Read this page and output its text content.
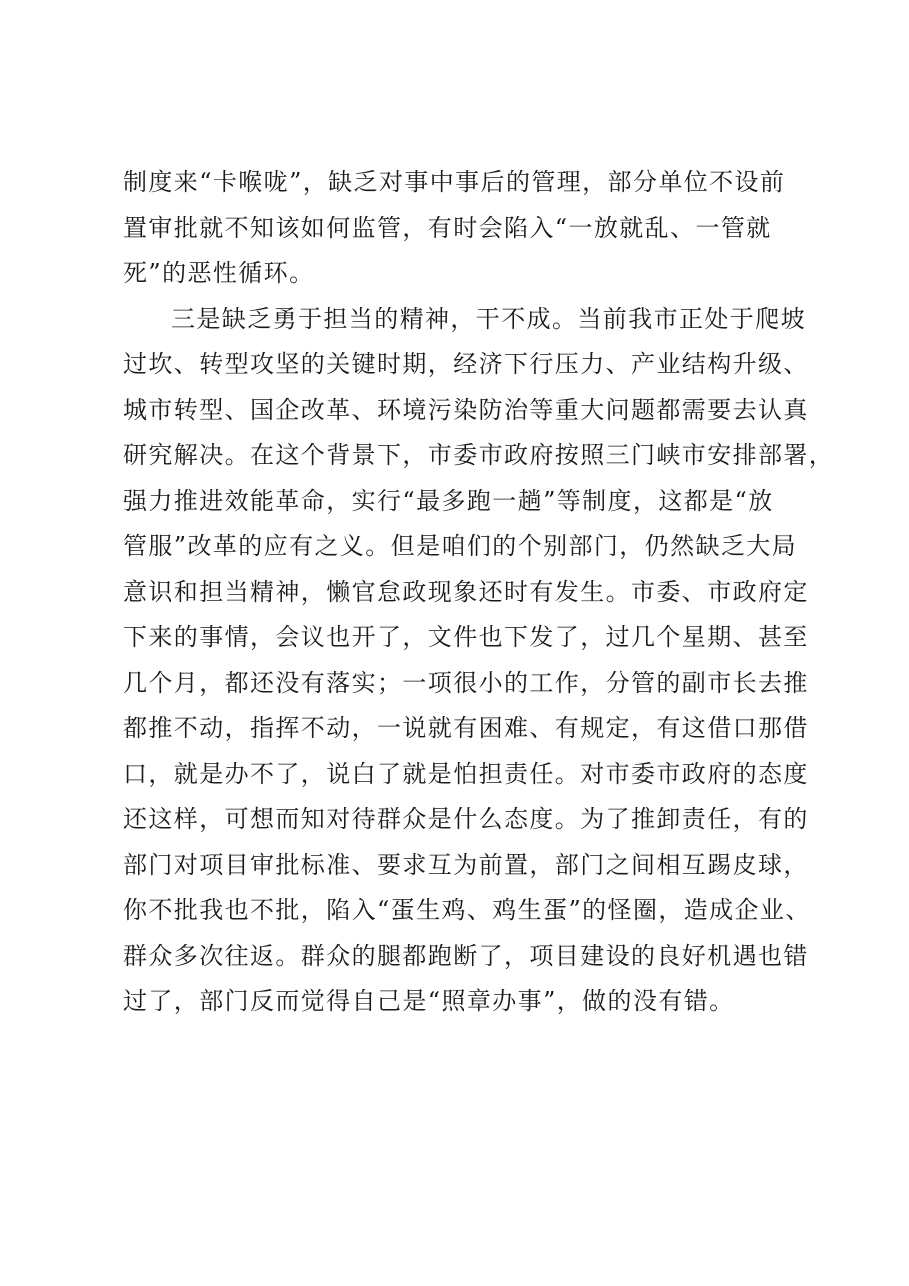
制度来“卡喉咙”，缺乏对事中事后的管理，部分单位不设前
置审批就不知该如何监管，有时会陷入“一放就乱、一管就
死”的恶性循环。
三是缺乏勇于担当的精神，干不成。当前我市正处于爬坡
过坎、转型攻坚的关键时期，经济下行压力、产业结构升级、
城市转型、国企改革、环境污染防治等重大问题都需要去认真
研究解决。在这个背景下，市委市政府按照三门峡市安排部署，
强力推进效能革命，实行“最多跑一趟”等制度，这都是“放
管服”改革的应有之义。但是咱们的个别部门，仍然缺乏大局
意识和担当精神，懒官怠政现象还时有发生。市委、市政府定
下来的事情，会议也开了，文件也下发了，过几个星期、甚至
几个月，都还没有落实；一项很小的工作，分管的副市长去推
都推不动，指挥不动，一说就有困难、有规定，有这借口那借
口，就是办不了，说白了就是怕担责任。对市委市政府的态度
还这样，可想而知对待群众是什么态度。为了推卸责任，有的
部门对项目审批标准、要求互为前置，部门之间相互踢皮球，
你不批我也不批，陷入“蛋生鸡、鸡生蛋”的怪圈，造成企业、
群众多次往返。群众的腿都跑断了，项目建设的良好机遇也错
过了，部门反而觉得自己是“照章办事”，做的没有错。
